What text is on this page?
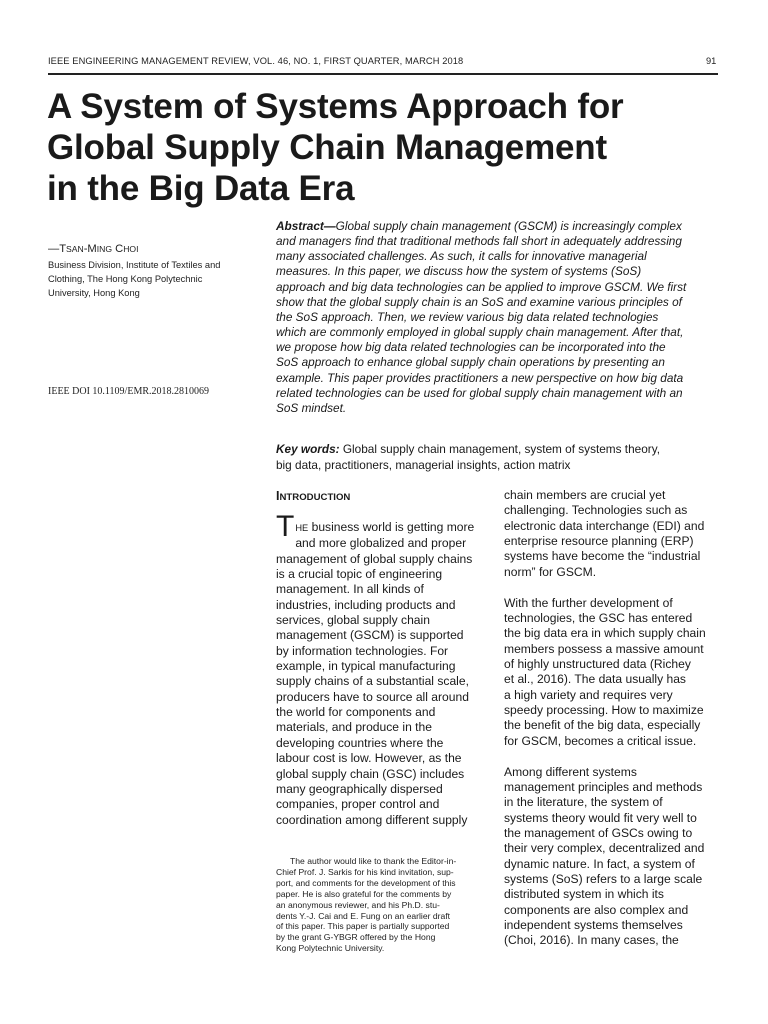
IEEE ENGINEERING MANAGEMENT REVIEW, VOL. 46, NO. 1, FIRST QUARTER, MARCH 2018	91
A System of Systems Approach for
Global Supply Chain Management
in the Big Data Era
—TSAN-MING CHOI
Business Division, Institute of Textiles and
Clothing, The Hong Kong Polytechnic
University, Hong Kong
IEEE DOI 10.1109/EMR.2018.2810069
Abstract—Global supply chain management (GSCM) is increasingly complex
and managers find that traditional methods fall short in adequately addressing
many associated challenges. As such, it calls for innovative managerial
measures. In this paper, we discuss how the system of systems (SoS)
approach and big data technologies can be applied to improve GSCM. We first
show that the global supply chain is an SoS and examine various principles of
the SoS approach. Then, we review various big data related technologies
which are commonly employed in global supply chain management. After that,
we propose how big data related technologies can be incorporated into the
SoS approach to enhance global supply chain operations by presenting an
example. This paper provides practitioners a new perspective on how big data
related technologies can be used for global supply chain management with an
SoS mindset.
Key words: Global supply chain management, system of systems theory,
big data, practitioners, managerial insights, action matrix
INTRODUCTION
THE business world is getting more
and more globalized and proper
management of global supply chains
is a crucial topic of engineering
management. In all kinds of
industries, including products and
services, global supply chain
management (GSCM) is supported
by information technologies. For
example, in typical manufacturing
supply chains of a substantial scale,
producers have to source all around
the world for components and
materials, and produce in the
developing countries where the
labour cost is low. However, as the
global supply chain (GSC) includes
many geographically dispersed
companies, proper control and
coordination among different supply
The author would like to thank the Editor-in-
Chief Prof. J. Sarkis for his kind invitation, sup-
port, and comments for the development of this
paper. He is also grateful for the comments by
an anonymous reviewer, and his Ph.D. stu-
dents Y.-J. Cai and E. Fung on an earlier draft
of this paper. This paper is partially supported
by the grant G-YBGR offered by the Hong
Kong Polytechnic University.
chain members are crucial yet
challenging. Technologies such as
electronic data interchange (EDI) and
enterprise resource planning (ERP)
systems have become the “industrial
norm” for GSCM.
With the further development of
technologies, the GSC has entered
the big data era in which supply chain
members possess a massive amount
of highly unstructured data (Richey
et al., 2016). The data usually has
a high variety and requires very
speedy processing. How to maximize
the benefit of the big data, especially
for GSCM, becomes a critical issue.
Among different systems
management principles and methods
in the literature, the system of
systems theory would fit very well to
the management of GSCs owing to
their very complex, decentralized and
dynamic nature. In fact, a system of
systems (SoS) refers to a large scale
distributed system in which its
components are also complex and
independent systems themselves
(Choi, 2016). In many cases, the
